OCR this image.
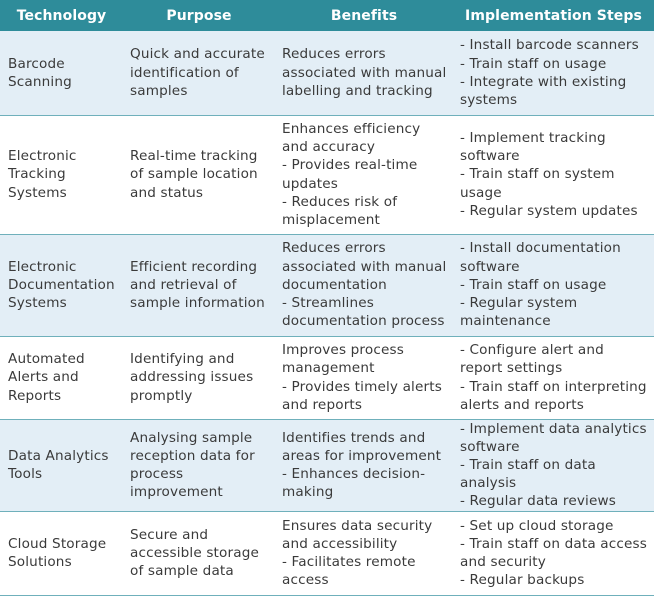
Technology	Purpose	Benefits	Implementation Steps
Barcode Scanning	Quick and accurate identification of samples	Reduces errors associated with manual labelling and tracking	- Install barcode scanners
- Train staff on usage
- Integrate with existing systems

Electronic Tracking Systems	Real-time tracking of sample location and status	Enhances efficiency and accuracy
- Provides real-time updates
- Reduces risk of misplacement	- Implement tracking software
- Train staff on system usage
- Regular system updates

Electronic Documentation Systems	Efficient recording and retrieval of sample information	Reduces errors associated with manual documentation
- Streamlines documentation process	- Install documentation software
- Train staff on usage
- Regular system maintenance

Automated Alerts and Reports	Identifying and addressing issues promptly	Improves process management
- Provides timely alerts and reports	- Configure alert and report settings
- Train staff on interpreting alerts and reports

Data Analytics Tools	Analysing sample reception data for process improvement	Identifies trends and areas for improvement
- Enhances decision-making	- Implement data analytics software
- Train staff on data analysis
- Regular data reviews

Cloud Storage Solutions	Secure and accessible storage of sample data	Ensures data security and accessibility
- Facilitates remote access	- Set up cloud storage
- Train staff on data access and security
- Regular backups
